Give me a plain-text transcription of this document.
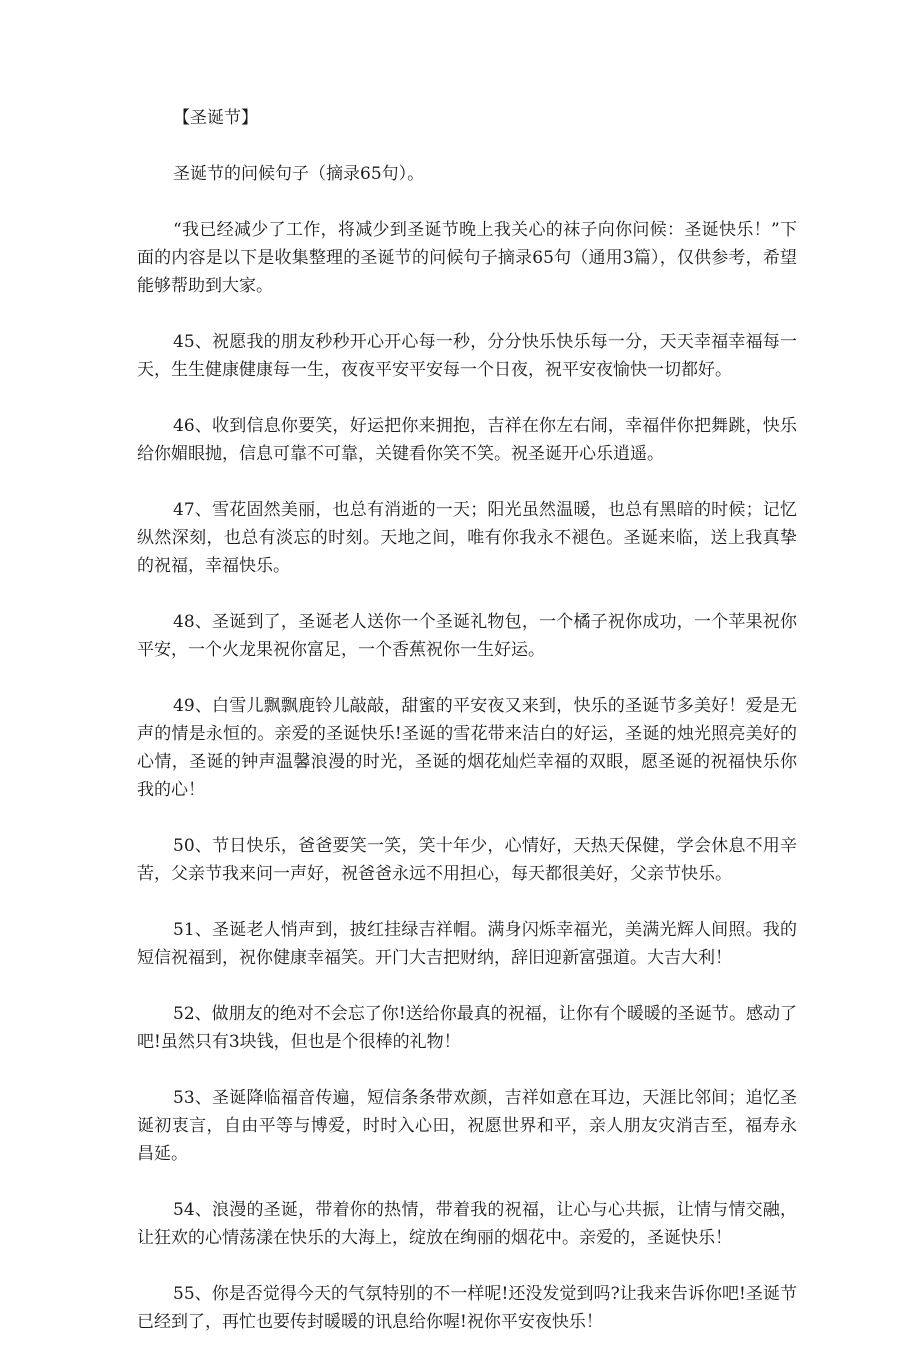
【圣诞节】
圣诞节的问候句子（摘录65句）。

“我已经减少了工作，将减少到圣诞节晚上我关心的袜子向你问候：圣诞快乐！”下面的内容是以下是收集整理的圣诞节的问候句子摘录65句（通用3篇），仅供参考，希望能够帮助到大家。

45、祝愿我的朋友秒秒开心开心每一秒，分分快乐快乐每一分，天天幸福幸福每一天，生生健康健康每一生，夜夜平安平安每一个日夜，祝平安夜愉快一切都好。

46、收到信息你要笑，好运把你来拥抱，吉祥在你左右闹，幸福伴你把舞跳，快乐给你媚眼抛，信息可靠不可靠，关键看你笑不笑。祝圣诞开心乐逍遥。

47、雪花固然美丽，也总有消逝的一天；阳光虽然温暖，也总有黑暗的时候；记忆纵然深刻，也总有淡忘的时刻。天地之间，唯有你我永不褪色。圣诞来临，送上我真挚的祝福，幸福快乐。

48、圣诞到了，圣诞老人送你一个圣诞礼物包，一个橘子祝你成功，一个苹果祝你平安，一个火龙果祝你富足，一个香蕉祝你一生好运。

49、白雪儿飘飘鹿铃儿敲敲，甜蜜的平安夜又来到，快乐的圣诞节多美好！爱是无声的情是永恒的。亲爱的圣诞快乐!圣诞的雪花带来洁白的好运，圣诞的烛光照亮美好的心情，圣诞的钟声温馨浪漫的时光，圣诞的烟花灿烂幸福的双眼，愿圣诞的祝福快乐你我的心！

50、节日快乐，爸爸要笑一笑，笑十年少，心情好，天热天保健，学会休息不用辛苦，父亲节我来问一声好，祝爸爸永远不用担心，每天都很美好，父亲节快乐。

51、圣诞老人悄声到，披红挂绿吉祥帽。满身闪烁幸福光，美满光辉人间照。我的短信祝福到，祝你健康幸福笑。开门大吉把财纳，辞旧迎新富强道。大吉大利！

52、做朋友的绝对不会忘了你!送给你最真的祝福，让你有个暖暖的圣诞节。感动了吧!虽然只有3块钱，但也是个很棒的礼物！

53、圣诞降临福音传遍，短信条条带欢颜，吉祥如意在耳边，天涯比邻间；追忆圣诞初衷言，自由平等与博爱，时时入心田，祝愿世界和平，亲人朋友灾消吉至，福寿永昌延。

54、浪漫的圣诞，带着你的热情，带着我的祝福，让心与心共振，让情与情交融，让狂欢的心情荡漾在快乐的大海上，绽放在绚丽的烟花中。亲爱的，圣诞快乐！

55、你是否觉得今天的气氛特别的不一样呢!还没发觉到吗?让我来告诉你吧!圣诞节已经到了，再忙也要传封暖暖的讯息给你喔!祝你平安夜快乐！
